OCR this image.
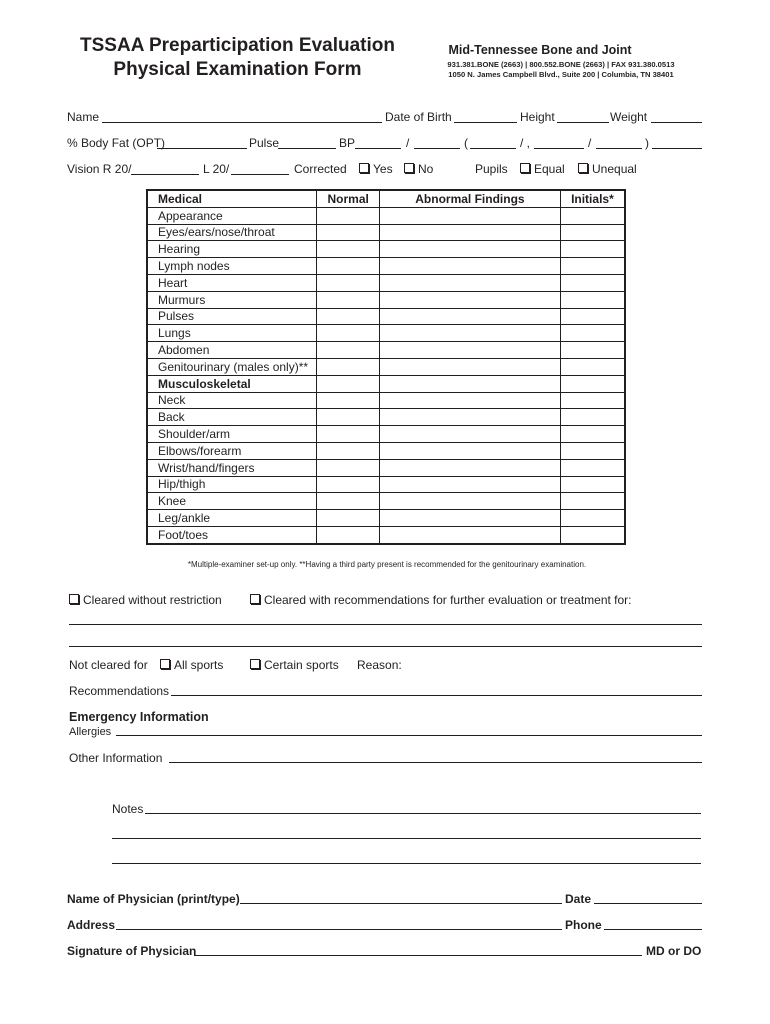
TSSAA Preparticipation Evaluation
Physical Examination Form
Mid-Tennessee Bone and Joint
931.381.BONE (2663) | 800.552.BONE (2663) | FAX 931.380.0513
1050 N. James Campbell Blvd., Suite 200 | Columbia, TN 38401
Name	Date of Birth	Height	Weight
% Body Fat (OPT)	Pulse	BP	/	(	/ ,	/	)
Vision R 20/	L 20/	Corrected	Yes	No	Pupils	Equal	Unequal
Medical	Normal	Abnormal Findings	Initials*
Appearance			
Eyes/ears/nose/throat			
Hearing			
Lymph nodes			
Heart			
Murmurs			
Pulses			
Lungs			
Abdomen			
Genitourinary (males only)**			
Musculoskeletal			
Neck			
Back			
Shoulder/arm			
Elbows/forearm			
Wrist/hand/fingers			
Hip/thigh			
Knee			
Leg/ankle			
Foot/toes			
*Multiple-examiner set-up only. **Having a third party present is recommended for the genitourinary examination.
Cleared without restriction	Cleared with recommendations for further evaluation or treatment for:
Not cleared for	All sports	Certain sports Reason:
Recommendations
Emergency Information
Allergies
Other Information
Notes
Name of Physician (print/type)	Date
Address	Phone
Signature of Physician	MD or DO
